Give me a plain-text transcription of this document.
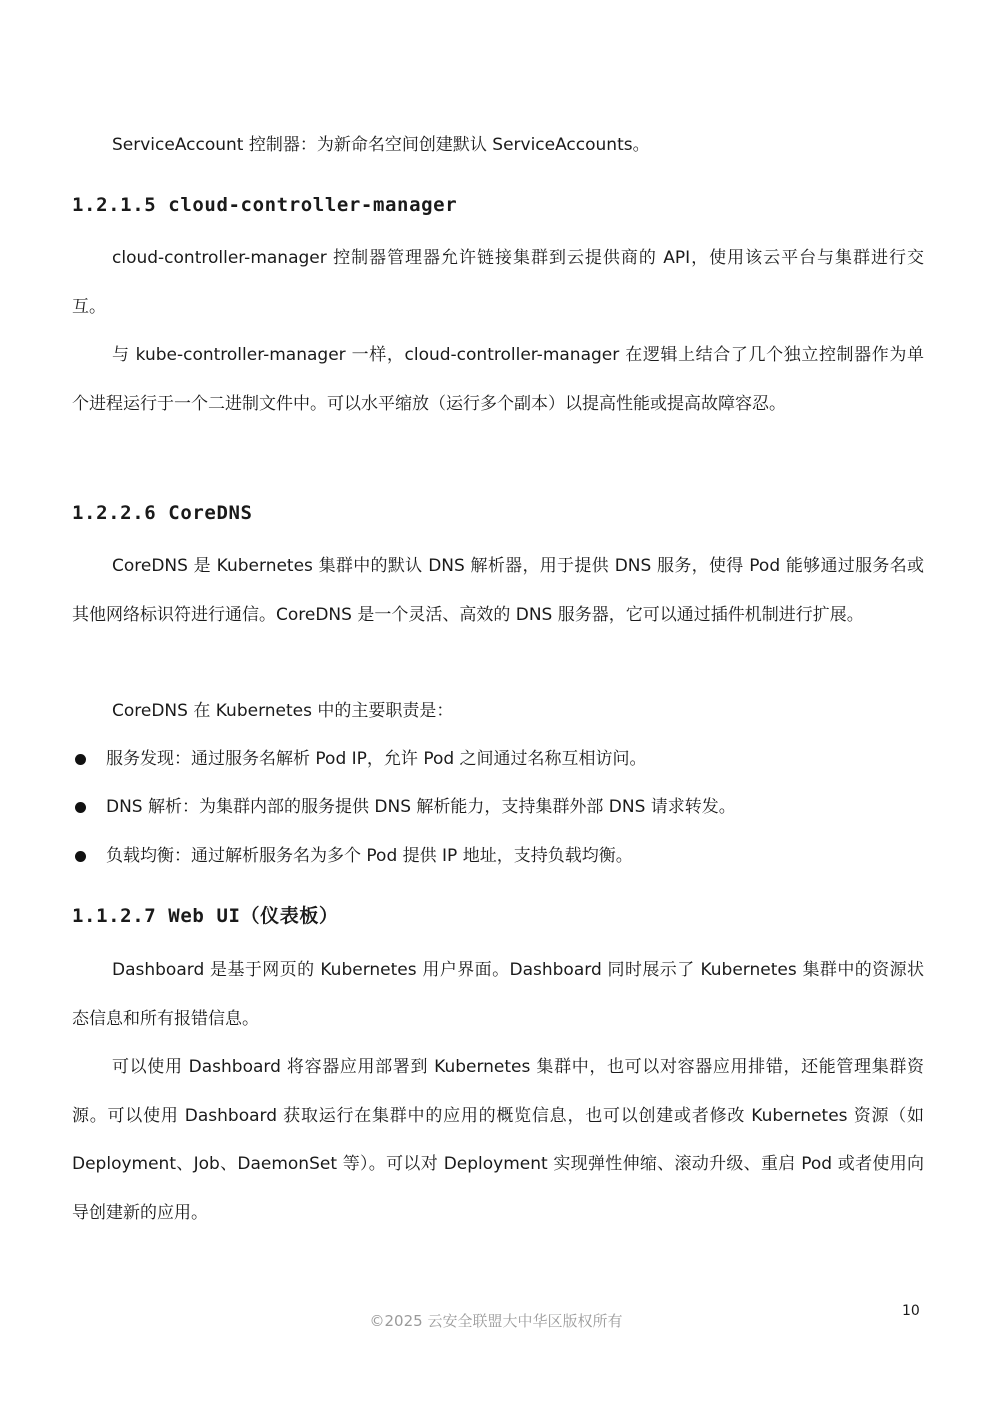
ServiceAccount 控制器：为新命名空间创建默认 ServiceAccounts。

1.2.1.5 cloud-controller-manager

cloud-controller-manager 控制器管理器允许链接集群到云提供商的 API，使用该云平台与集群进行交互。

与 kube-controller-manager 一样，cloud-controller-manager 在逻辑上结合了几个独立控制器作为单个进程运行于一个二进制文件中。可以水平缩放（运行多个副本）以提高性能或提高故障容忍。

1.2.2.6 CoreDNS

CoreDNS 是 Kubernetes 集群中的默认 DNS 解析器，用于提供 DNS 服务，使得 Pod 能够通过服务名或其他网络标识符进行通信。CoreDNS 是一个灵活、高效的 DNS 服务器，它可以通过插件机制进行扩展。

CoreDNS 在 Kubernetes 中的主要职责是：

服务发现：通过服务名解析 Pod IP，允许 Pod 之间通过名称互相访问。
DNS 解析：为集群内部的服务提供 DNS 解析能力，支持集群外部 DNS 请求转发。
负载均衡：通过解析服务名为多个 Pod 提供 IP 地址，支持负载均衡。
1.1.2.7 Web UI（仪表板）

Dashboard 是基于网页的 Kubernetes 用户界面。Dashboard 同时展示了 Kubernetes 集群中的资源状态信息和所有报错信息。

可以使用 Dashboard 将容器应用部署到 Kubernetes 集群中，也可以对容器应用排错，还能管理集群资源。可以使用 Dashboard 获取运行在集群中的应用的概览信息，也可以创建或者修改 Kubernetes 资源（如 Deployment、Job、DaemonSet 等）。可以对 Deployment 实现弹性伸缩、滚动升级、重启 Pod 或者使用向导创建新的应用。

10
©2025 云安全联盟大中华区版权所有
